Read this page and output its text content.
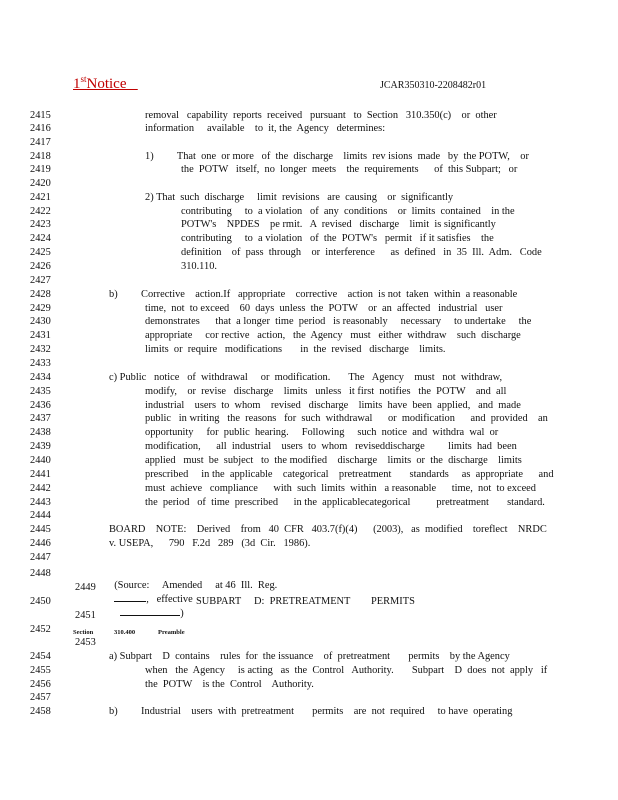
1stNotice	JCAR350310-2208482r01
2415	removal   capability  reports  received   pursuant   to  Section   310.350(c)    or  other
2416	information     available    to  it, the  Agency   determines:
2417
2418	1)         That  one  or more   of  the  discharge    limits  rev isions  made   by  the POTW,    or
2419	the  POTW   itself,  no  longer  meets    the  requirements      of  this Subpart;   or
2420
2421	2) That  such  discharge     limit  revisions   are  causing    or  significantly
2422	contributing     to  a violation   of  any  conditions    or  limits  contained    in the
2423	POTW's    NPDES    pe rmit.   A  revised   discharge    limit  is significantly
2424	contributing     to  a violation   of  the  POTW's   permit   if it satisfies    the
2425	definition    of  pass  through    or  interference      as  defined   in  35  Ill.  Adm.   Code
2426	310.110.
2427
2428	b)         Corrective    action.If   appropriate    corrective    action  is not  taken  within  a reasonable
2429	time,  not  to exceed    60  days  unless  the  POTW    or  an  affected   industrial   user
2430	demonstrates      that  a longer  time  period   is reasonably     necessary     to undertake     the
2431	appropriate     cor rective   action,   the  Agency   must   either  withdraw    such  discharge
2432	limits  or  require   modifications       in  the  revised   discharge    limits.
2433
2434	c) Public   notice   of  withdrawal     or  modification.       The   Agency    must   not  withdraw,
2435	modify,    or  revise   discharge    limits   unless   it first  notifies   the  POTW    and  all
2436	industrial    users  to  whom    revised   discharge    limits  have  been  applied,   and  made
2437	public   in writing   the  reasons   for  such  withdrawal      or  modification      and  provided    an
2438	opportunity     for  public  hearing.     Following     such  notice  and  withdra  wal  or
2439	modification,      all  industrial    users  to  whom   reviseddischarge         limits  had  been
2440	applied   must  be  subject   to  the modified    discharge    limits  or  the  discharge    limits
2441	prescribed     in the  applicable    categorical    pretreatment       standards     as  appropriate      and
2442	must  achieve   compliance      with  such  limits  within   a reasonable      time,  not  to exceed
2443	the  period   of  time  prescribed      in the  applicablecategorical          pretreatment       standard.
2444
2445	BOARD    NOTE:    Derived    from   40  CFR   403.7(f)(4)      (2003),   as  modified    toreflect    NRDC
2446	v. USEPA,      790   F.2d   289   (3d  Cir.   1986).
2447
2454	a) Subpart    D  contains    rules  for  the issuance    of  pretreatment       permits    by the Agency
2455	when   the  Agency     is acting   as  the  Control   Authority.       Subpart    D  does  not  apply   if
2456	the  POTW    is the  Control    Authority.
2457
2458	b)         Industrial    users  with  pretreatment       permits    are  not  required     to have  operating
2448

(Source:     Amended     at 46  Ill.  Reg.
,   effective
)

2449
2450	SUBPART     D:  PRETREATMENT        PERMITS
2451
2452	Section	310.400	Preamble
2453
